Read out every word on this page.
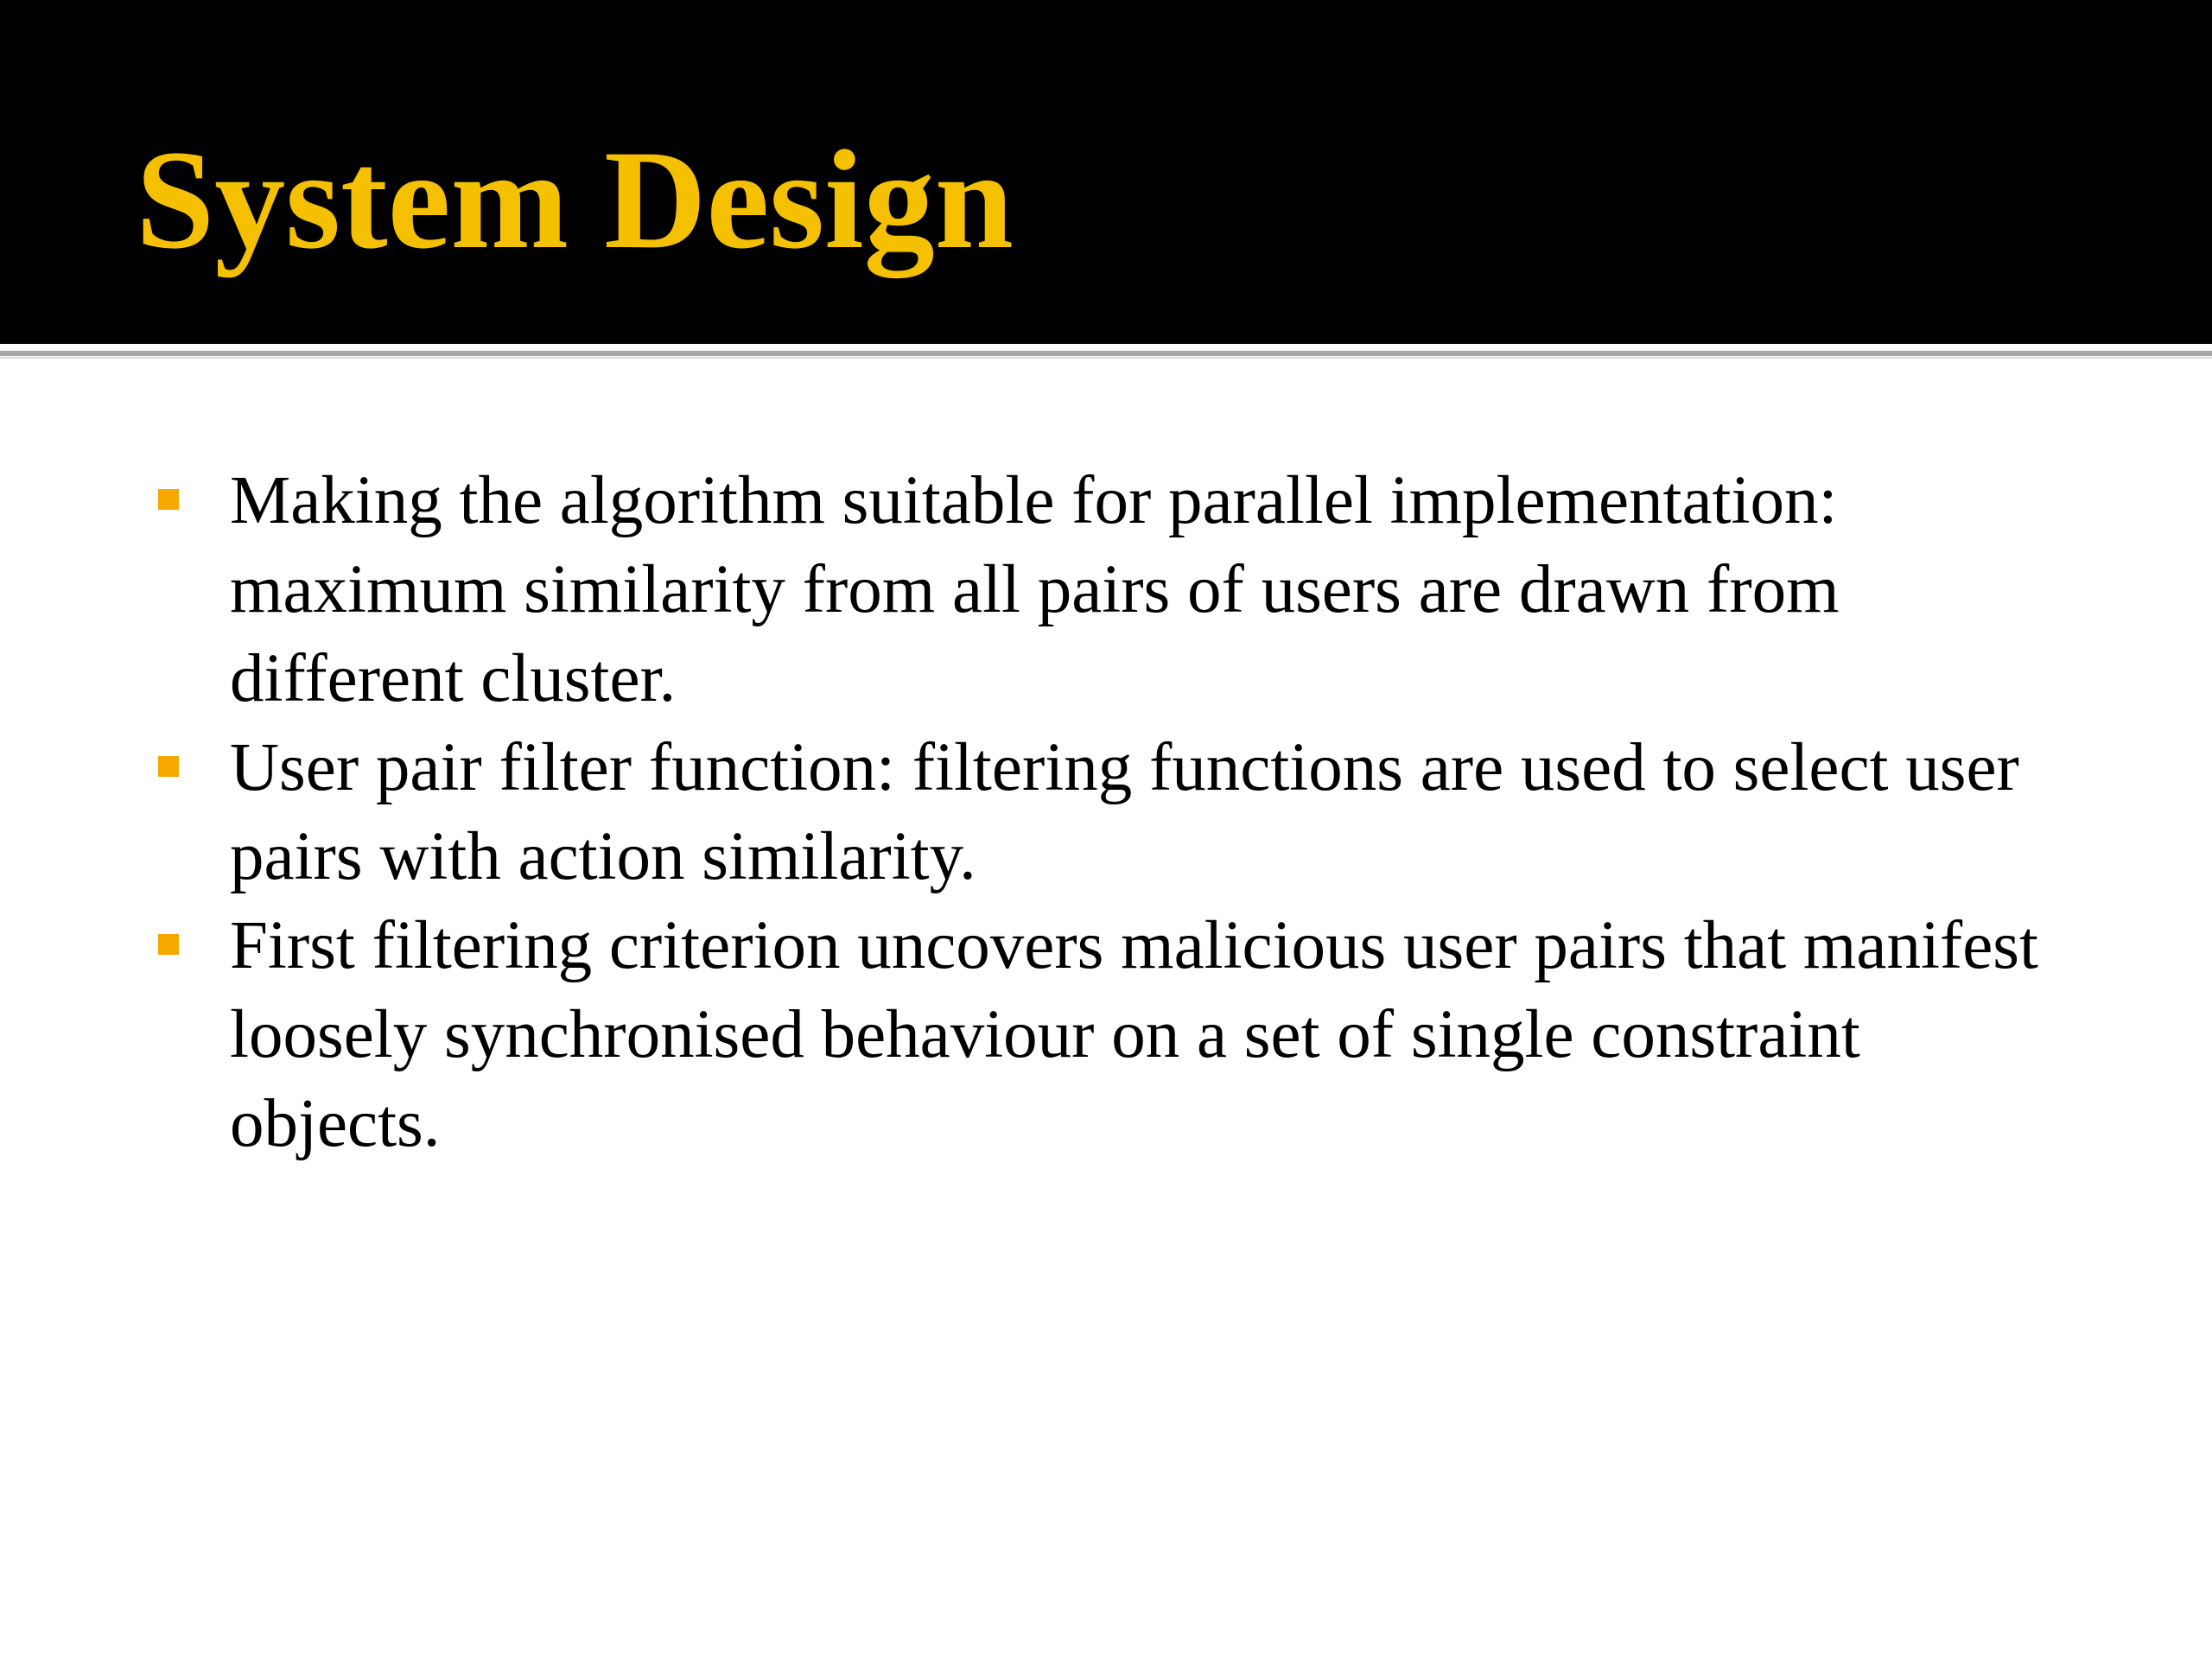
System Design
Making the algorithm suitable for parallel implementation: maximum similarity from all pairs of users are drawn from different cluster.
User pair filter function: filtering functions are used to select user pairs with action similarity.
First filtering criterion uncovers malicious user pairs that manifest loosely synchronised behaviour on a set of single constraint objects.
